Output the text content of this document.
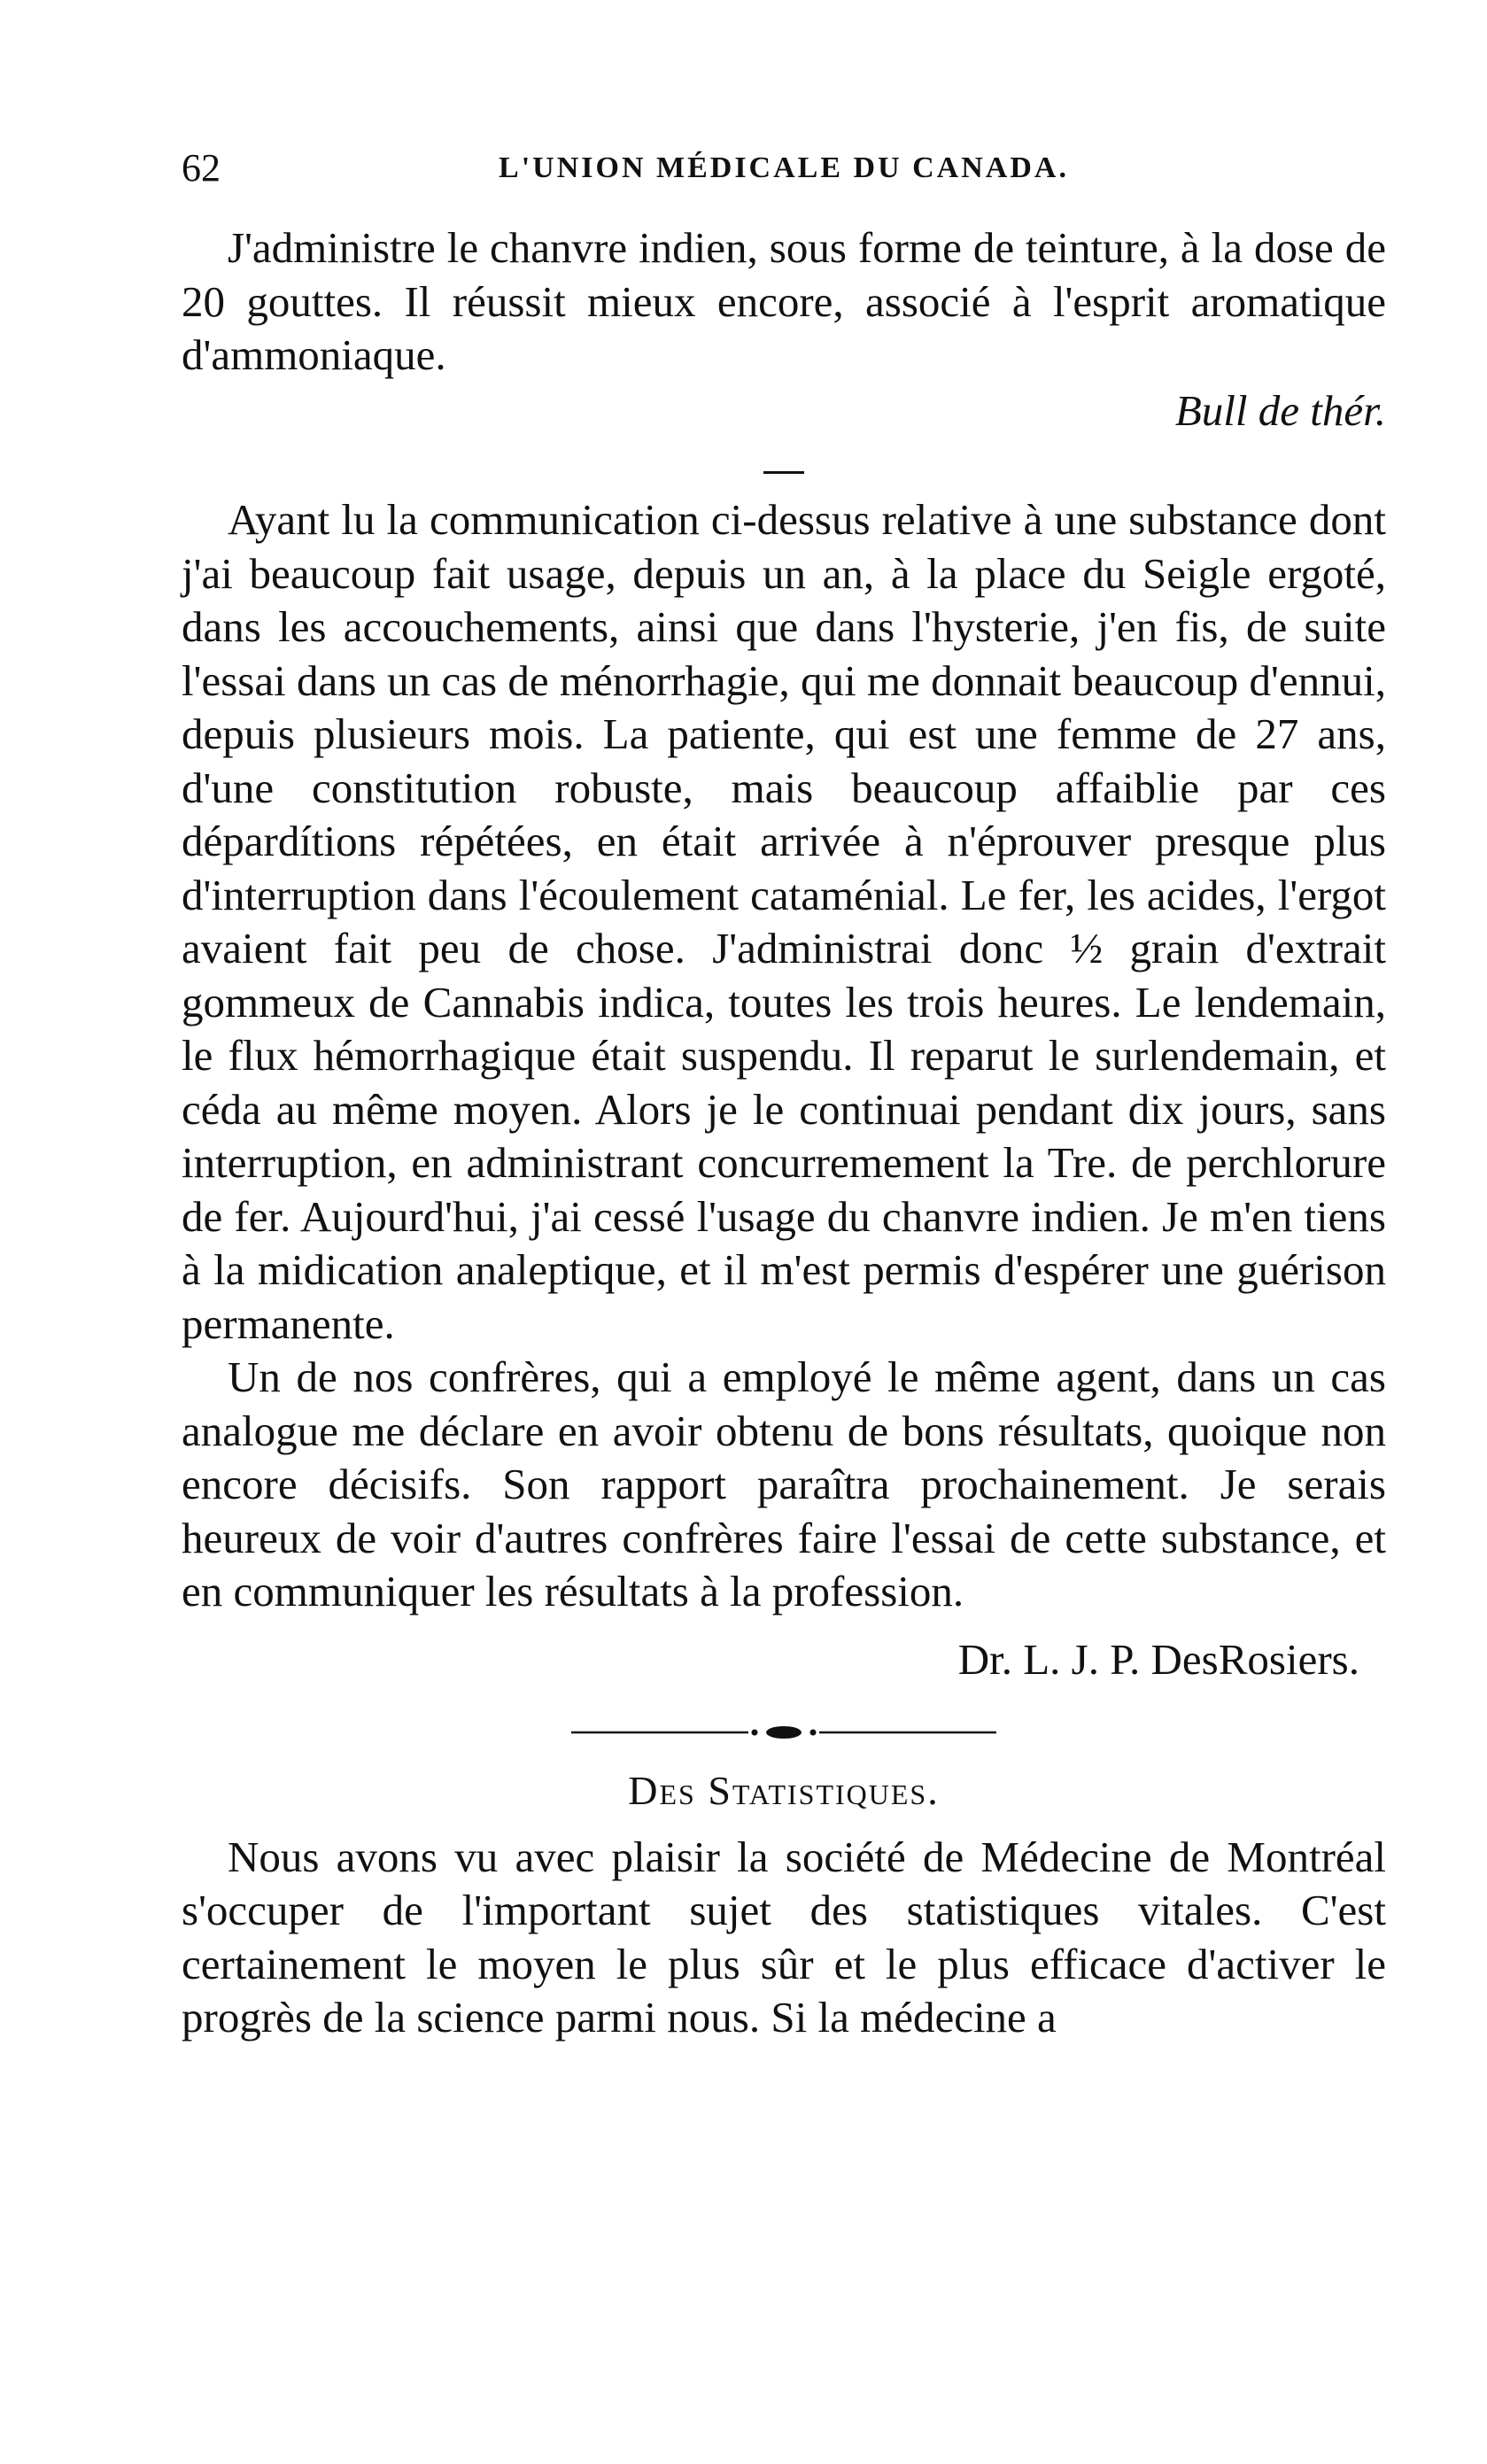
62	L'UNION MÉDICALE DU CANADA.

J'administre le chanvre indien, sous forme de teinture, à la dose de 20 gouttes. Il réussit mieux encore, associé à l'esprit aromatique d'ammoniaque.

Bull de thér.

Ayant lu la communication ci-dessus relative à une substance dont j'ai beaucoup fait usage, depuis un an, à la place du Seigle ergoté, dans les accouchements, ainsi que dans l'hysterie, j'en fis, de suite l'essai dans un cas de ménorrhagie, qui me donnait beaucoup d'ennui, depuis plusieurs mois. La patiente, qui est une femme de 27 ans, d'une constitution robuste, mais beaucoup affaiblie par ces dépardítions répétées, en était arrivée à n'éprouver presque plus d'interruption dans l'écoulement cataménial. Le fer, les acides, l'ergot avaient fait peu de chose. J'administrai donc ½ grain d'extrait gommeux de Cannabis indica, toutes les trois heures. Le lendemain, le flux hémorrhagique était suspendu. Il reparut le surlendemain, et céda au même moyen. Alors je le continuai pendant dix jours, sans interruption, en administrant concurremement la Tre. de perchlorure de fer. Aujourd'hui, j'ai cessé l'usage du chanvre indien. Je m'en tiens à la midication analeptique, et il m'est permis d'espérer une guérison permanente.

Un de nos confrères, qui a employé le même agent, dans un cas analogue me déclare en avoir obtenu de bons résultats, quoique non encore décisifs. Son rapport paraîtra prochainement. Je serais heureux de voir d'autres confrères faire l'essai de cette substance, et en communiquer les résultats à la profession.

Dr. L. J. P. DesRosiers.
Des Statistiques.

Nous avons vu avec plaisir la société de Médecine de Montréal s'occuper de l'important sujet des statistiques vitales. C'est certainement le moyen le plus sûr et le plus efficace d'activer le progrès de la science parmi nous. Si la médecine a
